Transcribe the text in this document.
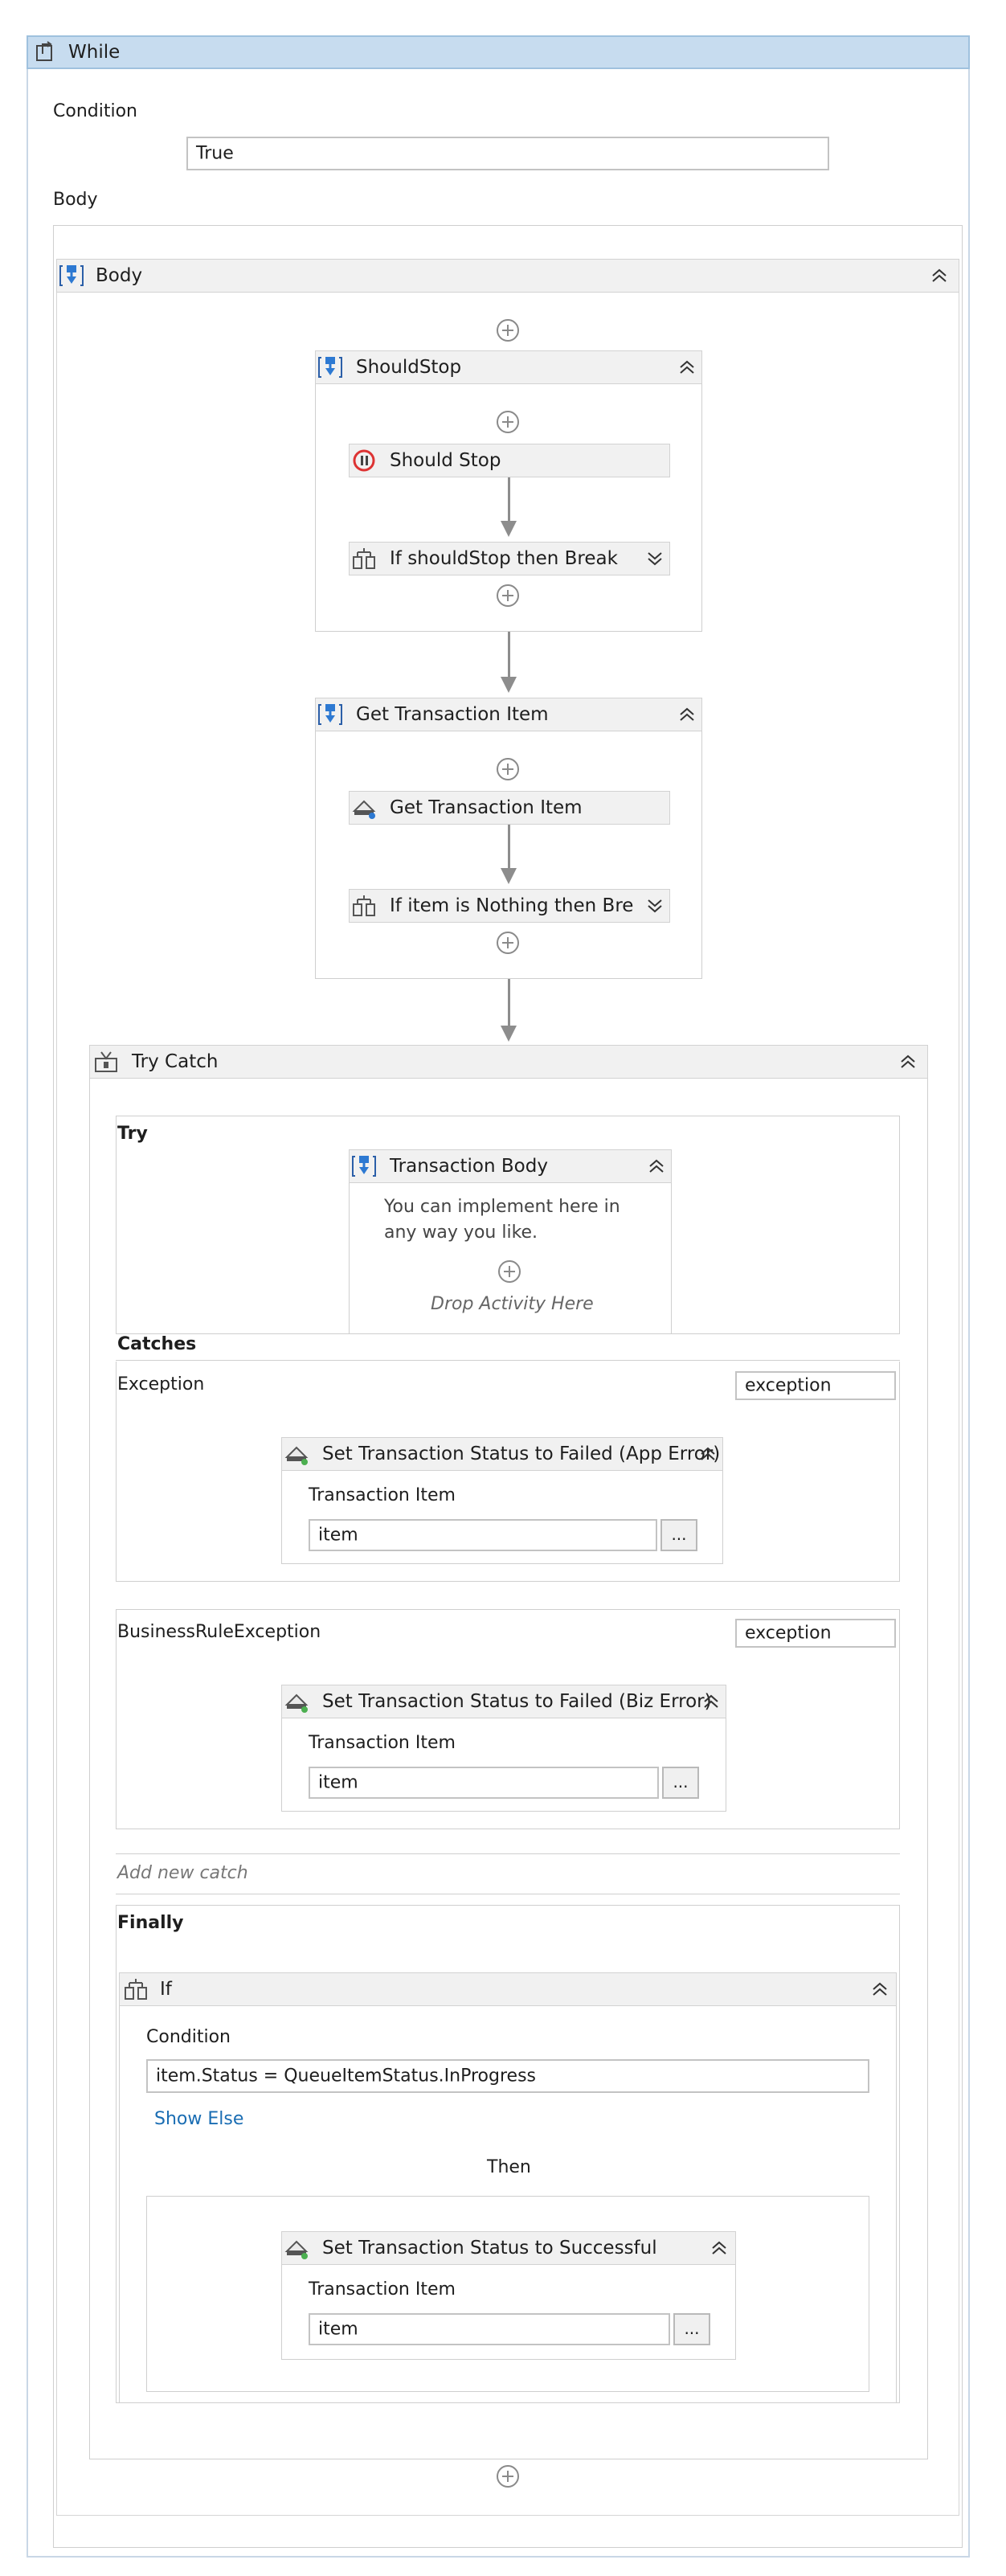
While
Condition
True
Body
Body
ShouldStop
Should Stop
If shouldStop then Break
Get Transaction Item
Get Transaction Item
If item is Nothing then Bre
Try Catch
Try
Transaction Body
You can implement here in any way you like.
Drop Activity Here
Catches
Exception	exception
Set Transaction Status to Failed (App Error)
Transaction Item
item	...
BusinessRuleException	exception
Set Transaction Status to Failed (Biz Error)
Transaction Item
item	...
Add new catch
Finally
If
Condition
item.Status = QueueItemStatus.InProgress
Show Else
Then
Set Transaction Status to Successful
Transaction Item
item	...
